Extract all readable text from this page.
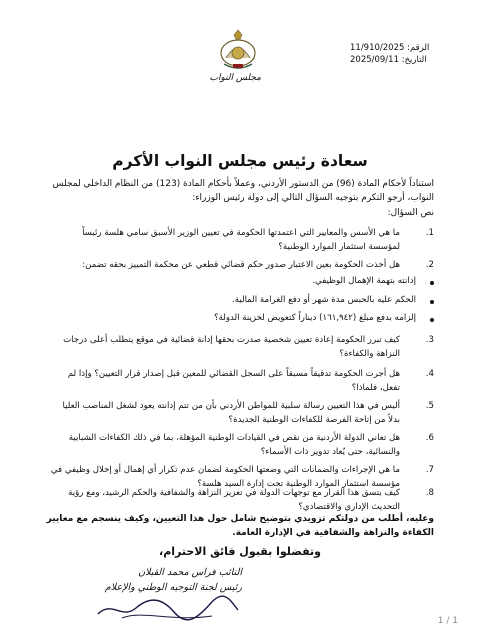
مجلس النواب
الرقم: 11/910/2025
التاريخ: 2025/09/11
سعادة رئيس مجلس النواب الأكرم
استناداً لأحكام المادة (96) من الدستور الأردني، وعملاً بأحكام المادة (123) من النظام الداخلي لمجلس النواب، أرجو التكرم بتوجيه السؤال التالي إلى دولة رئيس الوزراء:
نص السؤال:
1.
ما هي الأسس والمعايير التي اعتمدتها الحكومة في تعيين الوزير الأسبق سامي هلسة رئيساً لمؤسسة استثمار الموارد الوطنية؟
2.
هل أخذت الحكومة بعين الاعتبار صدور حكم قضائي قطعي عن محكمة التمييز بحقه تضمن:
إدانته بتهمة الإهمال الوظيفي.
الحكم عليه بالحبس مدة شهر أو دفع الغرامة المالية.
إلزامه بدفع مبلغ (١٦١,٩٤٢) ديناراً كتعويض لخزينة الدولة؟
3.
كيف تبرر الحكومة إعادة تعيين شخصية صدرت بحقها إدانة قضائية في موقع يتطلب أعلى درجات النزاهة والكفاءة؟
4.
هل أجرت الحكومة تدقيقاً مسبقاً على السجل القضائي للمعين قبل إصدار قرار التعيين؟ وإذا لم تفعل، فلماذا؟
5.
أليس في هذا التعيين رسالة سلبية للمواطن الأردني بأن من تتم إدانته يعود لشغل المناصب العليا بدلاً من إتاحة الفرصة للكفاءات الوطنية الجديدة؟
6.
هل تعاني الدولة الأردنية من نقص في القيادات الوطنية المؤهلة، بما في ذلك الكفاءات الشبابية والنسائية، حتى يُعاد تدوير ذات الأسماء؟
7.
ما هي الإجراءات والضمانات التي وضعتها الحكومة لضمان عدم تكرار أي إهمال أو إخلال وظيفي في مؤسسة استثمار الموارد الوطنية تحت إدارة السيد هلسة؟
8.
كيف يتسق هذا القرار مع توجهات الدولة في تعزيز النزاهة والشفافية والحكم الرشيد، ومع رؤية التحديث الإداري والاقتصادي؟
وعليه، أطلب من دولتكم تزويدي بتوضيح شامل حول هذا التعيين، وكيف ينسجم مع معايير الكفاءة والنزاهة والشفافية في الإدارة العامة.
وتفضلوا بقبول فائق الاحترام،
النائب فراس محمد القبلان
رئيس لجنة التوجيه الوطني والإعلام
1 / 1
